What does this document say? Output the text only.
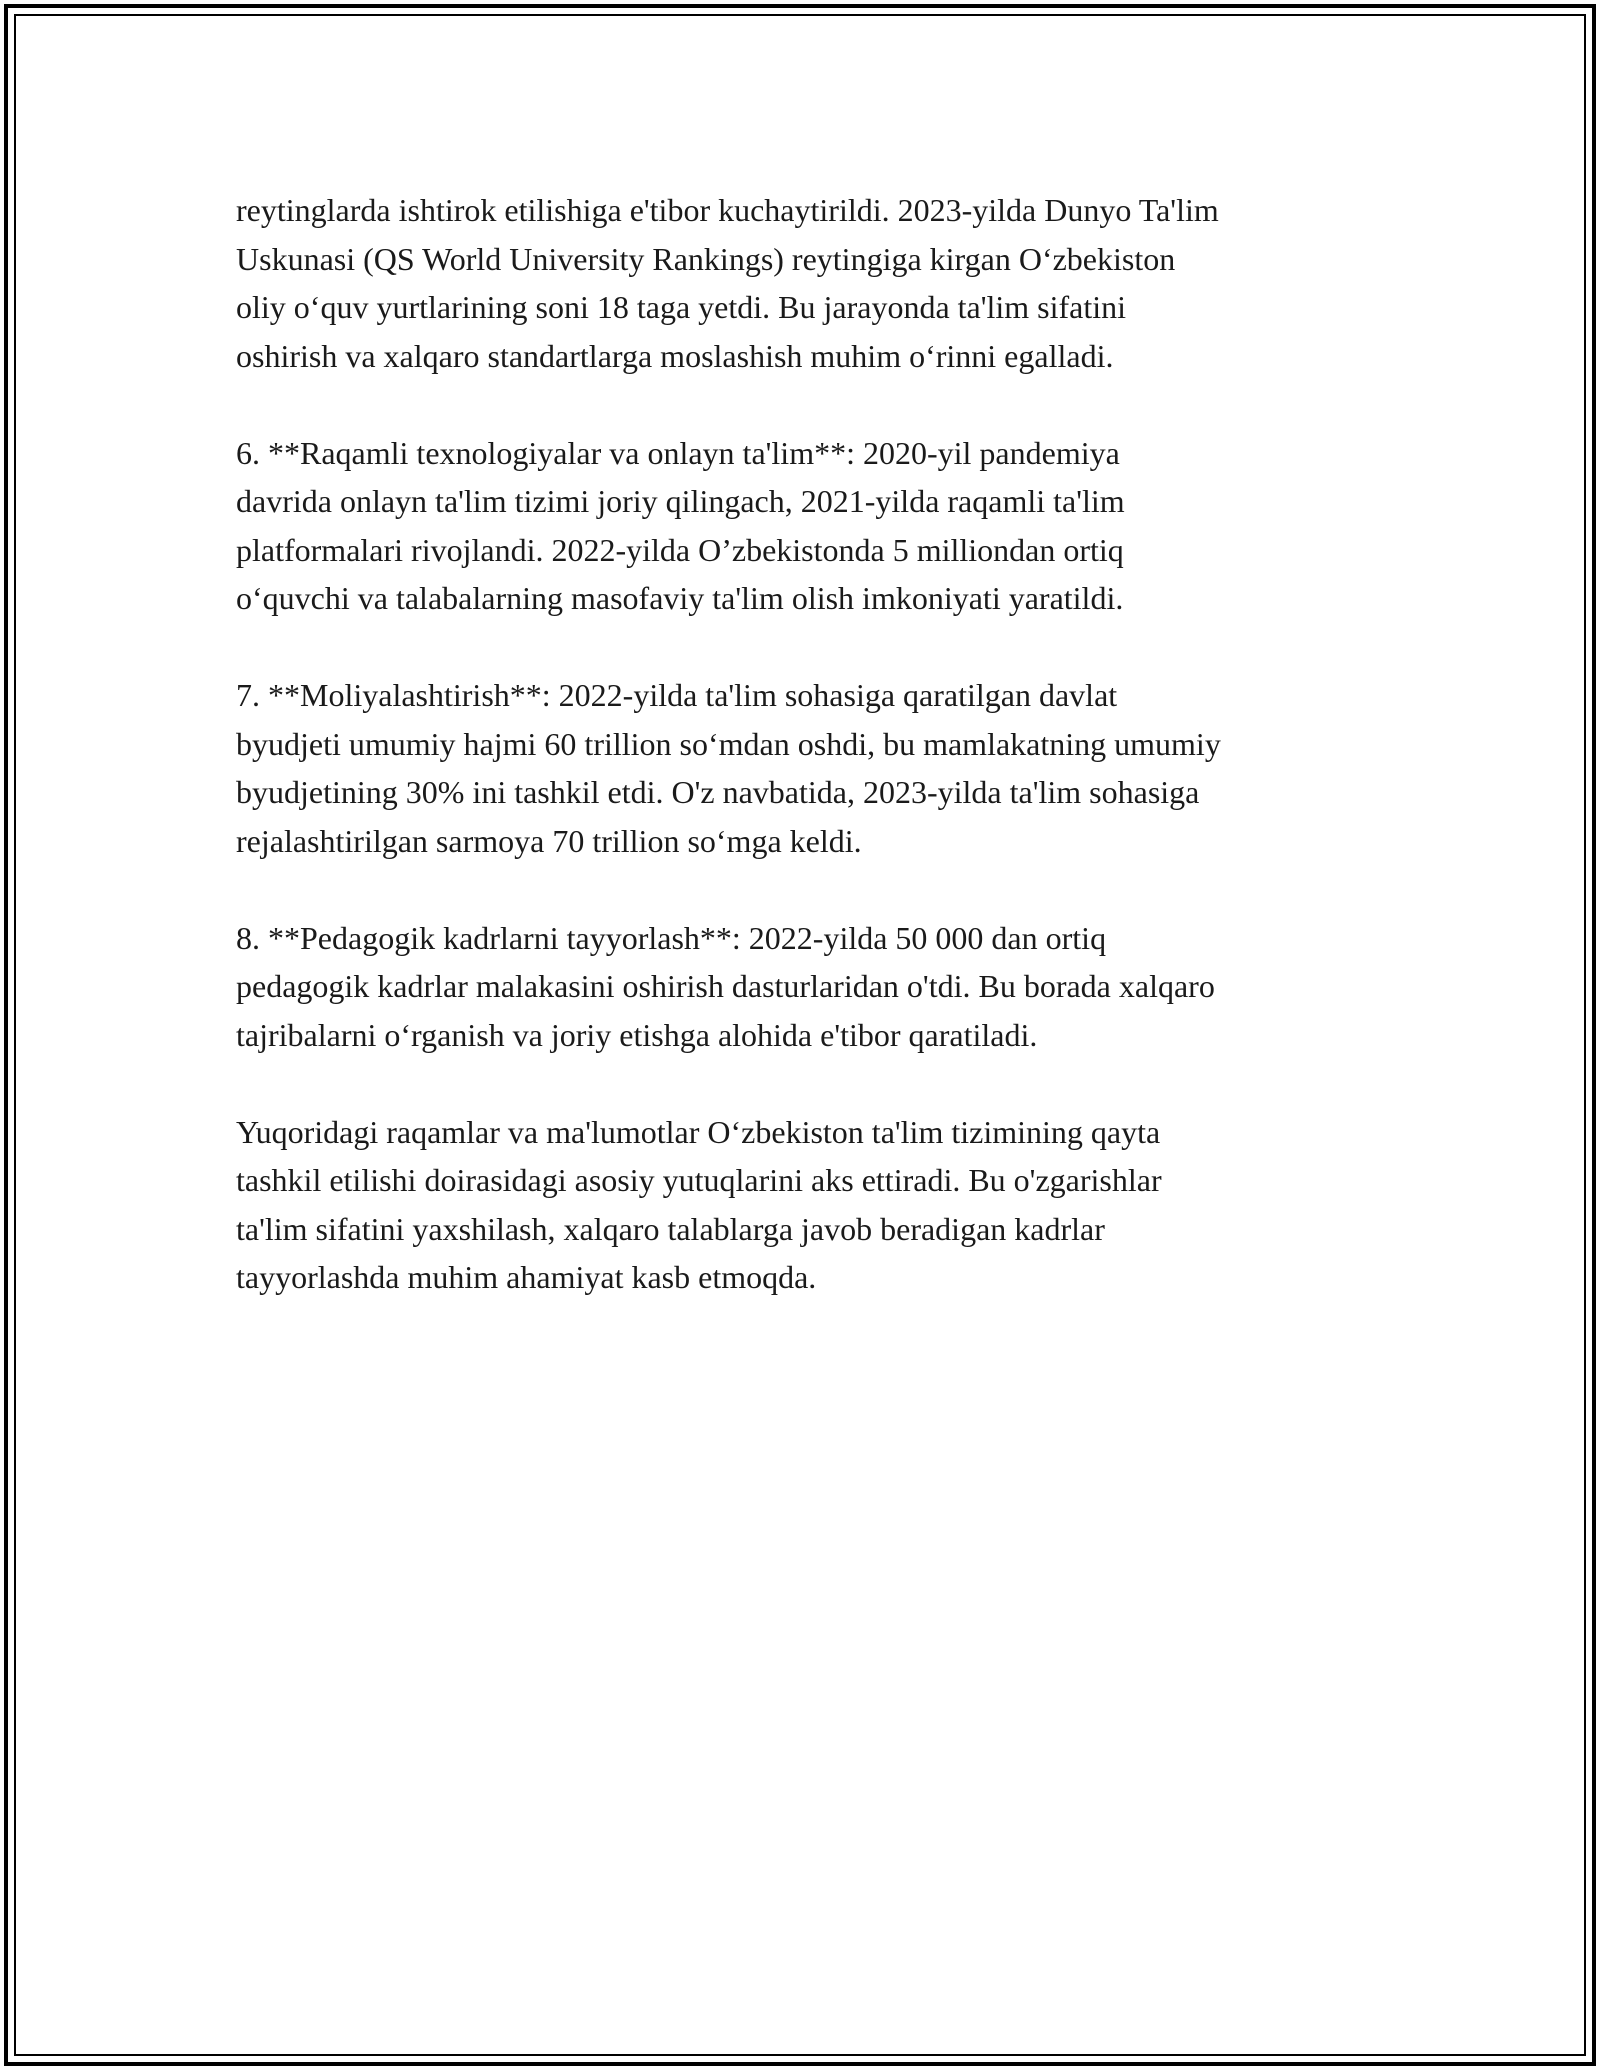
reytinglarda ishtirok etilishiga e'tibor kuchaytirildi. 2023-yilda Dunyo Ta'lim
Uskunasi (QS World University Rankings) reytingiga kirgan O‘zbekiston
oliy o‘quv yurtlarining soni 18 taga yetdi. Bu jarayonda ta'lim sifatini
oshirish va xalqaro standartlarga moslashish muhim o‘rinni egalladi.

6. **Raqamli texnologiyalar va onlayn ta'lim**: 2020-yil pandemiya
davrida onlayn ta'lim tizimi joriy qilingach, 2021-yilda raqamli ta'lim
platformalari rivojlandi. 2022-yilda O’zbekistonda 5 milliondan ortiq
o‘quvchi va talabalarning masofaviy ta'lim olish imkoniyati yaratildi.

7. **Moliyalashtirish**: 2022-yilda ta'lim sohasiga qaratilgan davlat
byudjeti umumiy hajmi 60 trillion so‘mdan oshdi, bu mamlakatning umumiy
byudjetining 30% ini tashkil etdi. O'z navbatida, 2023-yilda ta'lim sohasiga
rejalashtirilgan sarmoya 70 trillion so‘mga keldi.

8. **Pedagogik kadrlarni tayyorlash**: 2022-yilda 50 000 dan ortiq
pedagogik kadrlar malakasini oshirish dasturlaridan o'tdi. Bu borada xalqaro
tajribalarni o‘rganish va joriy etishga alohida e'tibor qaratiladi.

Yuqoridagi raqamlar va ma'lumotlar O‘zbekiston ta'lim tizimining qayta
tashkil etilishi doirasidagi asosiy yutuqlarini aks ettiradi. Bu o'zgarishlar
ta'lim sifatini yaxshilash, xalqaro talablarga javob beradigan kadrlar
tayyorlashda muhim ahamiyat kasb etmoqda.
